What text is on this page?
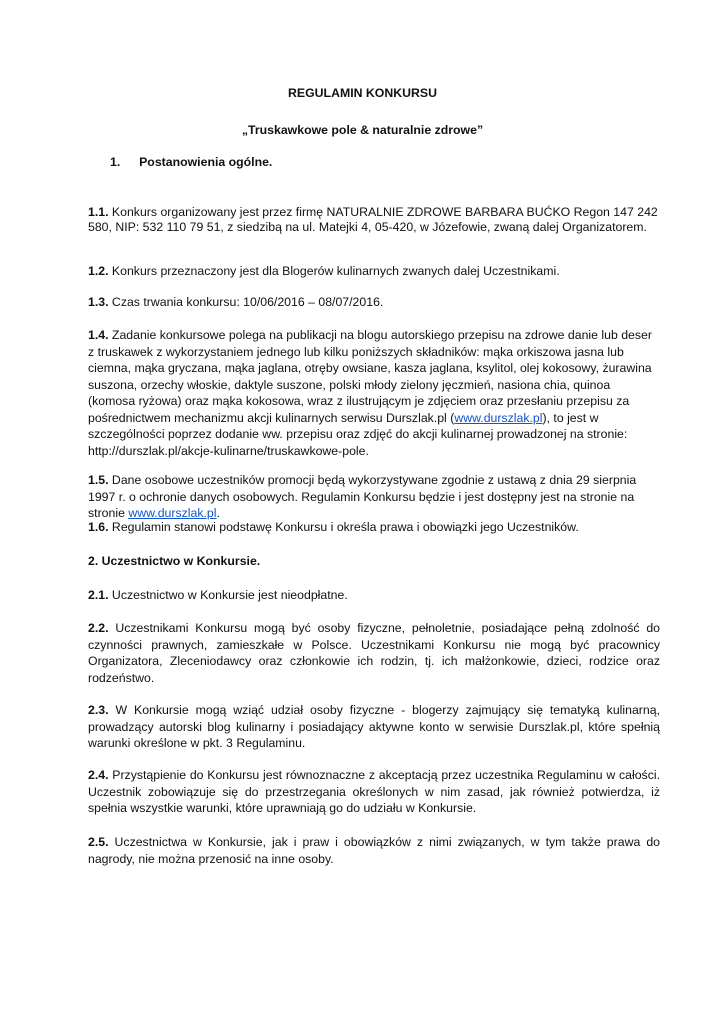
REGULAMIN KONKURSU

„Truskawkowe pole & naturalnie zdrowe”

1. Postanowienia ogólne.

1.1. Konkurs organizowany jest przez firmę NATURALNIE ZDROWE BARBARA BUĆKO Regon 147 242 580, NIP: 532 110 79 51, z siedzibą na ul. Matejki 4, 05-420, w Józefowie, zwaną dalej Organizatorem.

1.2. Konkurs przeznaczony jest dla Blogerów kulinarnych zwanych dalej Uczestnikami.

1.3. Czas trwania konkursu: 10/06/2016 – 08/07/2016.

1.4. Zadanie konkursowe polega na publikacji na blogu autorskiego przepisu na zdrowe danie lub deser z truskawek z wykorzystaniem jednego lub kilku poniższych składników: mąka orkiszowa jasna lub ciemna, mąka gryczana, mąka jaglana, otręby owsiane, kasza jaglana, ksylitol, olej kokosowy, żurawina suszona, orzechy włoskie, daktyle suszone, polski młody zielony jęczmień, nasiona chia, quinoa (komosa ryżowa) oraz mąka kokosowa, wraz z ilustrującym je zdjęciem oraz przesłaniu przepisu za pośrednictwem mechanizmu akcji kulinarnych serwisu Durszlak.pl (www.durszlak.pl), to jest w szczególności poprzez dodanie ww. przepisu oraz zdjęć do akcji kulinarnej prowadzonej na stronie: http://durszlak.pl/akcje-kulinarne/truskawkowe-pole.

1.5. Dane osobowe uczestników promocji będą wykorzystywane zgodnie z ustawą z dnia 29 sierpnia 1997 r. o ochronie danych osobowych. Regulamin Konkursu będzie i jest dostępny jest na stronie na stronie www.durszlak.pl.

1.6. Regulamin stanowi podstawę Konkursu i określa prawa i obowiązki jego Uczestników.

2. Uczestnictwo w Konkursie.

2.1. Uczestnictwo w Konkursie jest nieodpłatne.

2.2. Uczestnikami Konkursu mogą być osoby fizyczne, pełnoletnie, posiadające pełną zdolność do czynności prawnych, zamieszkałe w Polsce. Uczestnikami Konkursu nie mogą być pracownicy Organizatora, Zleceniodawcy oraz członkowie ich rodzin, tj. ich małżonkowie, dzieci, rodzice oraz rodzeństwo.

2.3. W Konkursie mogą wziąć udział osoby fizyczne - blogerzy zajmujący się tematyką kulinarną, prowadzący autorski blog kulinarny i posiadający aktywne konto w serwisie Durszlak.pl, które spełnią warunki określone w pkt. 3 Regulaminu.

2.4. Przystąpienie do Konkursu jest równoznaczne z akceptacją przez uczestnika Regulaminu w całości. Uczestnik zobowiązuje się do przestrzegania określonych w nim zasad, jak również potwierdza, iż spełnia wszystkie warunki, które uprawniają go do udziału w Konkursie.

2.5. Uczestnictwa w Konkursie, jak i praw i obowiązków z nimi związanych, w tym także prawa do nagrody, nie można przenosić na inne osoby.
